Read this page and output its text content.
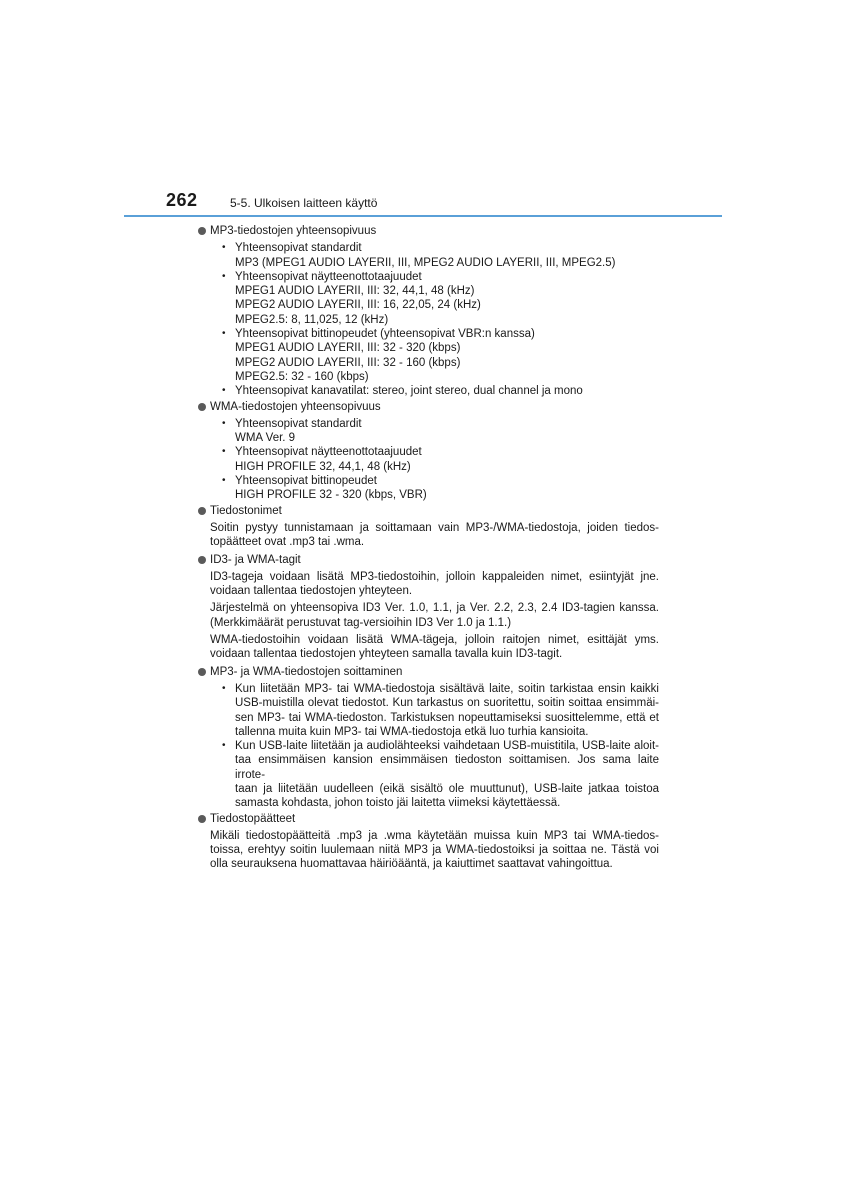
262	5-5. Ulkoisen laitteen käyttö
MP3-tiedostojen yhteensopivuus
• Yhteensopivat standardit
MP3 (MPEG1 AUDIO LAYERII, III, MPEG2 AUDIO LAYERII, III, MPEG2.5)
• Yhteensopivat näytteenottotaajuudet
MPEG1 AUDIO LAYERII, III: 32, 44,1, 48 (kHz)
MPEG2 AUDIO LAYERII, III: 16, 22,05, 24 (kHz)
MPEG2.5: 8, 11,025, 12 (kHz)
• Yhteensopivat bittinopeudet (yhteensopivat VBR:n kanssa)
MPEG1 AUDIO LAYERII, III: 32 - 320 (kbps)
MPEG2 AUDIO LAYERII, III: 32 - 160 (kbps)
MPEG2.5: 32 - 160 (kbps)
• Yhteensopivat kanavatilat: stereo, joint stereo, dual channel ja mono
WMA-tiedostojen yhteensopivuus
• Yhteensopivat standardit
WMA Ver. 9
• Yhteensopivat näytteenottotaajuudet
HIGH PROFILE 32, 44,1, 48 (kHz)
• Yhteensopivat bittinopeudet
HIGH PROFILE 32 - 320 (kbps, VBR)
Tiedostonimet
Soitin pystyy tunnistamaan ja soittamaan vain MP3-/WMA-tiedostoja, joiden tiedos-
topäätteet ovat .mp3 tai .wma.
ID3- ja WMA-tagit
ID3-tageja voidaan lisätä MP3-tiedostoihin, jolloin kappaleiden nimet, esiintyjät jne.
voidaan tallentaa tiedostojen yhteyteen.
Järjestelmä on yhteensopiva ID3 Ver. 1.0, 1.1, ja Ver. 2.2, 2.3, 2.4 ID3-tagien kanssa.
(Merkkimäärät perustuvat tag-versioihin ID3 Ver 1.0 ja 1.1.)
WMA-tiedostoihin voidaan lisätä WMA-tägeja, jolloin raitojen nimet, esittäjät yms.
voidaan tallentaa tiedostojen yhteyteen samalla tavalla kuin ID3-tagit.
MP3- ja WMA-tiedostojen soittaminen
• Kun liitetään MP3- tai WMA-tiedostoja sisältävä laite, soitin tarkistaa ensin kaikki
USB-muistilla olevat tiedostot. Kun tarkastus on suoritettu, soitin soittaa ensimmäi-
sen MP3- tai WMA-tiedoston. Tarkistuksen nopeuttamiseksi suosittelemme, että et
tallenna muita kuin MP3- tai WMA-tiedostoja etkä luo turhia kansioita.
• Kun USB-laite liitetään ja audiolähteeksi vaihdetaan USB-muistitila, USB-laite aloit-
taa ensimmäisen kansion ensimmäisen tiedoston soittamisen. Jos sama laite irrote-
taan ja liitetään uudelleen (eikä sisältö ole muuttunut), USB-laite jatkaa toistoa
samasta kohdasta, johon toisto jäi laitetta viimeksi käytettäessä.
Tiedostopäätteet
Mikäli tiedostopäätteitä .mp3 ja .wma käytetään muissa kuin MP3 tai WMA-tiedos-
toissa, erehtyy soitin luulemaan niitä MP3 ja WMA-tiedostoiksi ja soittaa ne. Tästä voi
olla seurauksena huomattavaa häiriöääntä, ja kaiuttimet saattavat vahingoittua.
